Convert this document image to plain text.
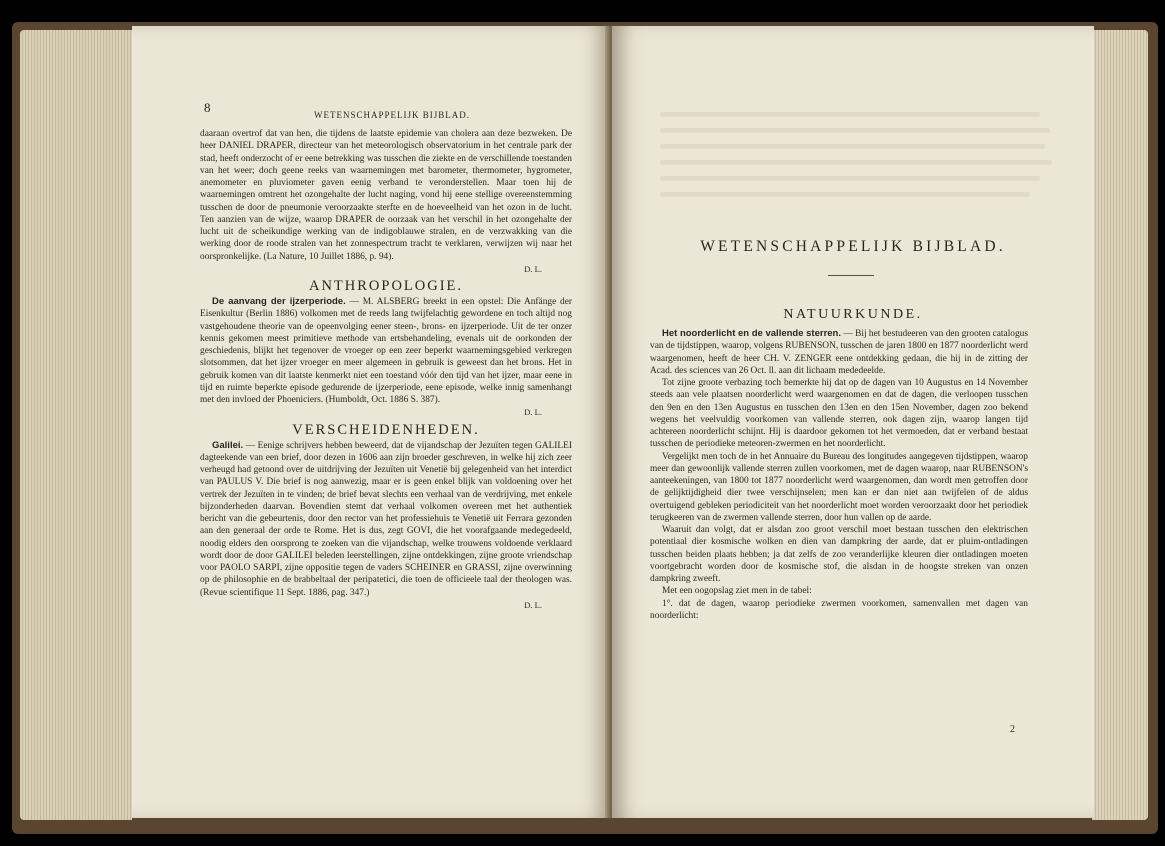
8	WETENSCHAPPELIJK BIJBLAD.

daaraan overtrof dat van hen, die tijdens de laatste epidemie van cholera aan deze bezweken. De heer DANIEL DRAPER, directeur van het meteorologisch observatorium in het centrale park der stad, heeft onderzocht of er eene betrekking was tusschen die ziekte en de verschillende toestanden van het weer; doch geene reeks van waarnemingen met barometer, thermometer, hygrometer, anemometer en pluviometer gaven eenig verband te veronderstellen. Maar toen hij de waarnemingen omtrent het ozongehalte der lucht naging, vond hij eene stellige overeenstemming tusschen de door de pneumonie veroorzaakte sterfte en de hoeveelheid van het ozon in de lucht. Ten aanzien van de wijze, waarop DRAPER de oorzaak van het verschil in het ozongehalte der lucht uit de scheikundige werking van de indigoblauwe stralen, en de verzwakking van die werking door de roode stralen van het zonnespectrum tracht te verklaren, verwijzen wij naar het oorspronkelijke. (La Nature, 10 Juillet 1886, p. 94).

D. L.

ANTHROPOLOGIE.

De aanvang der ijzerperiode. — M. ALSBERG breekt in een opstel: Die Anfänge der Eisenkultur (Berlin 1886) volkomen met de reeds lang twijfelachtig gewordene en toch altijd nog vastgehoudene theorie van de opeenvolging eener steen-, brons- en ijzerperiode. Uit de ter onzer kennis gekomen meest primitieve methode van ertsbehandeling, evenals uit de oorkonden der geschiedenis, blijkt het tegenover de vroeger op een zeer beperkt waarnemingsgebied verkregen slotsommen, dat het ijzer vroeger en meer algemeen in gebruik is geweest dan het brons. Het in gebruik komen van dit laatste kenmerkt niet een toestand vóór den tijd van het ijzer, maar eene in tijd en ruimte beperkte episode gedurende de ijzerperiode, eene episode, welke innig samenhangt met den invloed der Phoeniciers. (Humboldt, Oct. 1886 S. 387).

D. L.

VERSCHEIDENHEDEN.

Galilei. — Eenige schrijvers hebben beweerd, dat de vijandschap der Jezuïten tegen GALILEI dagteekende van een brief, door dezen in 1606 aan zijn broeder geschreven, in welke hij zich zeer verheugd had getoond over de uitdrijving der Jezuïten uit Venetië bij gelegenheid van het interdict van PAULUS V. Die brief is nog aanwezig, maar er is geen enkel blijk van voldoening over het vertrek der Jezuïten in te vinden; de brief bevat slechts een verhaal van de verdrijving, met enkele bijzonderheden daarvan. Bovendien stemt dat verhaal volkomen overeen met het authentiek bericht van die gebeurtenis, door den rector van het professiehuis te Venetië uit Ferrara gezonden aan den generaal der orde te Rome. Het is dus, zegt GOVI, die het voorafgaande medegedeeld, noodig elders den oorsprong te zoeken van die vijandschap, welke trouwens voldoende verklaard wordt door de door GALILEI beleden leerstellingen, zijne ontdekkingen, zijne groote vriendschap voor PAOLO SARPI, zijne oppositie tegen de vaders SCHEINER en GRASSI, zijne overwinning op de philosophie en de brabbeltaal der peripatetici, die toen de officieele taal der theologen was. (Revue scientifique 11 Sept. 1886, pag. 347.)

D. L.

WETENSCHAPPELIJK BIJBLAD.
NATUURKUNDE.

Het noorderlicht en de vallende sterren. — Bij het bestudeeren van den grooten catalogus van de tijdstippen, waarop, volgens RUBENSON, tusschen de jaren 1800 en 1877 noorderlicht werd waargenomen, heeft de heer CH. V. ZENGER eene ontdekking gedaan, die hij in de zitting der Acad. des sciences van 26 Oct. ll. aan dit lichaam mededeelde.

Tot zijne groote verbazing toch bemerkte hij dat op de dagen van 10 Augustus en 14 November steeds aan vele plaatsen noorderlicht werd waargenomen en dat de dagen, die verloopen tusschen den 9en en den 13en Augustus en tusschen den 13en en den 15en November, dagen zoo bekend wegens het veelvuldig voorkomen van vallende sterren, ook dagen zijn, waarop langen tijd achtereen noorderlicht schijnt. Hij is daardoor gekomen tot het vermoeden, dat er verband bestaat tusschen de periodieke meteoren-zwermen en het noorderlicht.

Vergelijkt men toch de in het Annuaire du Bureau des longitudes aangegeven tijdstippen, waarop meer dan gewoonlijk vallende sterren zullen voorkomen, met de dagen waarop, naar RUBENSON's aanteekeningen, van 1800 tot 1877 noorderlicht werd waargenomen, dan wordt men getroffen door de gelijktijdigheid dier twee verschijnselen; men kan er dan niet aan twijfelen of de aldus overtuigend gebleken periodiciteit van het noorderlicht moet worden veroorzaakt door het periodiek terugkeeren van de zwermen vallende sterren, door hun vallen op de aarde.

Waaruit dan volgt, dat er alsdan zoo groot verschil moet bestaan tusschen den elektrischen potentiaal dier kosmische wolken en dien van dampkring der aarde, dat er pluim-ontladingen tusschen beiden plaats hebben; ja dat zelfs de zoo veranderlijke kleuren dier ontladingen moeten voortgebracht worden door de kosmische stof, die alsdan in de hoogste streken van onzen dampkring zweeft.

Met een oogopslag ziet men in de tabel:

1°. dat de dagen, waarop periodieke zwermen voorkomen, samenvallen met dagen van noorderlicht:

2
